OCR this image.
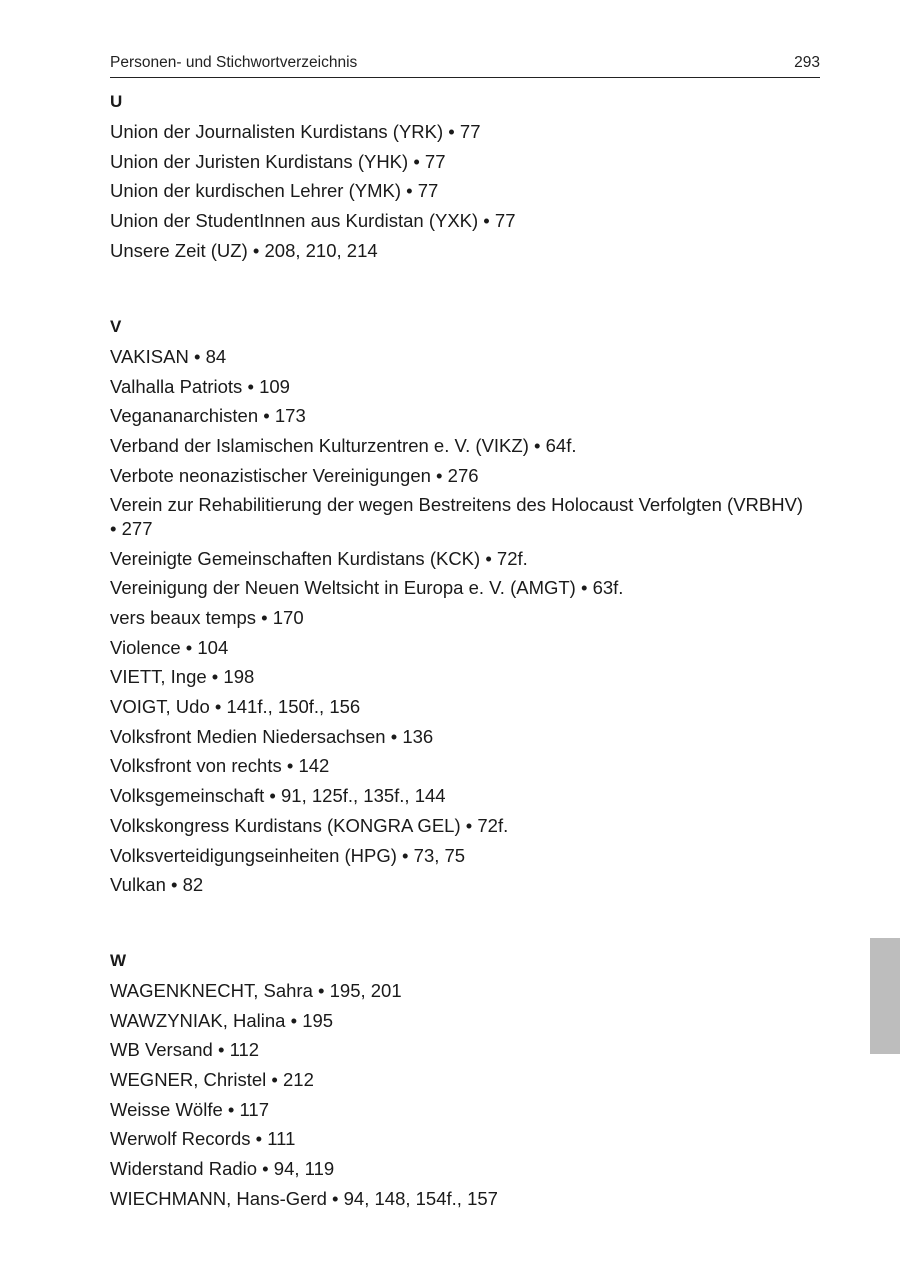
Personen- und Stichwortverzeichnis	293
U
Union der Journalisten Kurdistans (YRK) • 77
Union der Juristen Kurdistans (YHK) • 77
Union der kurdischen Lehrer (YMK) • 77
Union der StudentInnen aus Kurdistan (YXK) • 77
Unsere Zeit (UZ) • 208, 210, 214
V
VAKISAN • 84
Valhalla Patriots • 109
Vegananarchisten • 173
Verband der Islamischen Kulturzentren e. V. (VIKZ) • 64f.
Verbote neonazistischer Vereinigungen • 276
Verein zur Rehabilitierung der wegen Bestreitens des Holocaust Verfolgten (VRBHV) • 277
Vereinigte Gemeinschaften Kurdistans (KCK) • 72f.
Vereinigung der Neuen Weltsicht in Europa e. V. (AMGT) • 63f.
vers beaux temps • 170
Violence • 104
VIETT, Inge • 198
VOIGT, Udo • 141f., 150f., 156
Volksfront Medien Niedersachsen • 136
Volksfront von rechts • 142
Volksgemeinschaft • 91, 125f., 135f., 144
Volkskongress Kurdistans (KONGRA GEL) • 72f.
Volksverteidigungseinheiten (HPG) • 73, 75
Vulkan • 82
W
WAGENKNECHT, Sahra • 195, 201
WAWZYNIAK, Halina • 195
WB Versand • 112
WEGNER, Christel • 212
Weisse Wölfe • 117
Werwolf Records • 111
Widerstand Radio • 94, 119
WIECHMANN, Hans-Gerd • 94, 148, 154f., 157
